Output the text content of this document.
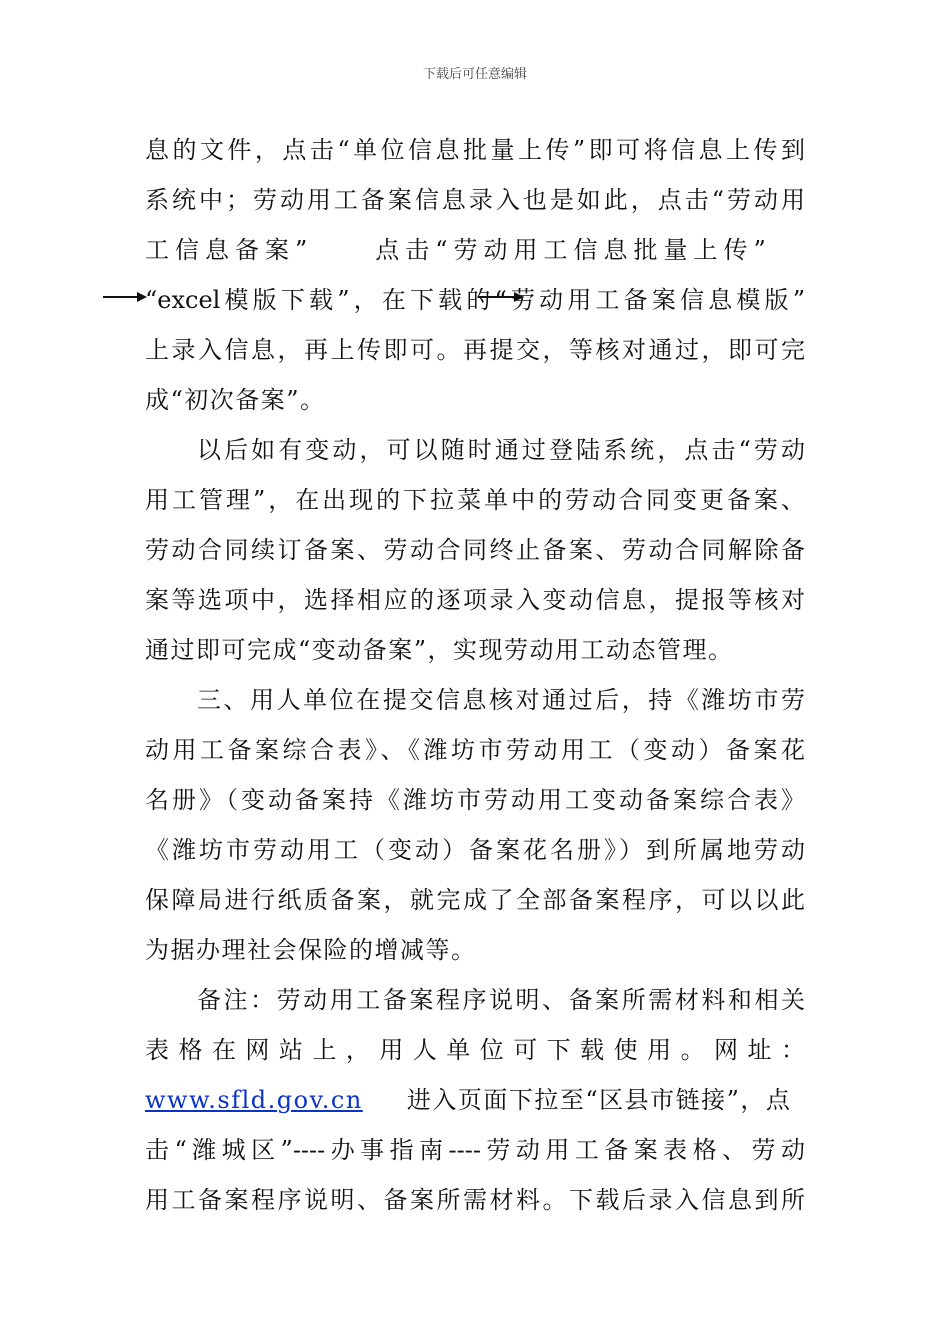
下载后可任意编辑
息的文件，点击“单位信息批量上传”即可将信息上传到
系统中；劳动用工备案信息录入也是如此，点击“劳动用
工信息备案”	点击“劳动用工信息批量上传”
“excel模版下载”，在下载的“劳动用工备案信息模版”
上录入信息，再上传即可。再提交，等核对通过，即可完
成“初次备案”。
以后如有变动，可以随时通过登陆系统，点击“劳动
用工管理”，在出现的下拉菜单中的劳动合同变更备案、
劳动合同续订备案、劳动合同终止备案、劳动合同解除备
案等选项中，选择相应的逐项录入变动信息，提报等核对
通过即可完成“变动备案”，实现劳动用工动态管理。
三、用人单位在提交信息核对通过后，持《潍坊市劳
动用工备案综合表》、《潍坊市劳动用工（变动）备案花
名册》（变动备案持《潍坊市劳动用工变动备案综合表》
《潍坊市劳动用工（变动）备案花名册》）到所属地劳动
保障局进行纸质备案，就完成了全部备案程序，可以以此
为据办理社会保险的增减等。
备注：劳动用工备案程序说明、备案所需材料和相关
表格在网站上，用人单位可下载使用。网址：
www.sfld.gov.cn 进入页面下拉至“区县市链接”，点
击“潍城区”----办事指南----劳动用工备案表格、劳动
用工备案程序说明、备案所需材料。下载后录入信息到所
